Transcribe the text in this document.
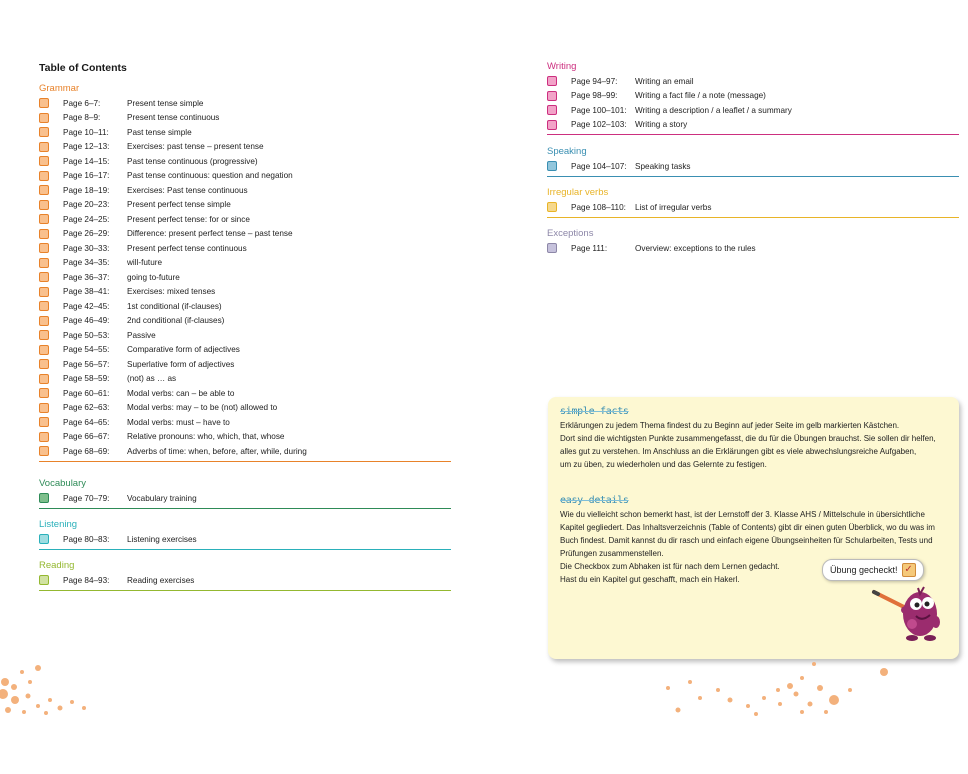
Table of Contents
Grammar
Page 6–7:	Present tense simple
Page 8–9:	Present tense continuous
Page 10–11:	Past tense simple
Page 12–13:	Exercises: past tense – present tense
Page 14–15:	Past tense continuous (progressive)
Page 16–17:	Past tense continuous: question and negation
Page 18–19:	Exercises: Past tense continuous
Page 20–23:	Present perfect tense simple
Page 24–25:	Present perfect tense: for or since
Page 26–29:	Difference: present perfect tense – past tense
Page 30–33:	Present perfect tense continuous
Page 34–35:	will-future
Page 36–37:	going to-future
Page 38–41:	Exercises: mixed tenses
Page 42–45:	1st conditional (if-clauses)
Page 46–49:	2nd conditional (if-clauses)
Page 50–53:	Passive
Page 54–55:	Comparative form of adjectives
Page 56–57:	Superlative form of adjectives
Page 58–59:	(not) as … as
Page 60–61:	Modal verbs: can – be able to
Page 62–63:	Modal verbs: may – to be (not) allowed to
Page 64–65:	Modal verbs: must – have to
Page 66–67:	Relative pronouns: who, which, that, whose
Page 68–69:	Adverbs of time: when, before, after, while, during
Vocabulary
Page 70–79:	Vocabulary training
Listening
Page 80–83:	Listening exercises
Reading
Page 84–93:	Reading exercises
Writing
Page 94–97:	Writing an email
Page 98–99:	Writing a fact file / a note (message)
Page 100–101:	Writing a description / a leaflet / a summary
Page 102–103:	Writing a story
Speaking
Page 104–107:	Speaking tasks
Irregular verbs
Page 108–110:	List of irregular verbs
Exceptions
Page 111:	Overview: exceptions to the rules
simple facts

Erklärungen zu jedem Thema findest du zu Beginn auf jeder Seite im gelb markierten Kästchen.

Dort sind die wichtigsten Punkte zusammengefasst, die du für die Übungen brauchst. Sie sollen dir helfen,

alles gut zu verstehen. Im Anschluss an die Erklärungen gibt es viele abwechslungsreiche Aufgaben,

um zu üben, zu wiederholen und das Gelernte zu festigen.

easy details

Wie du vielleicht schon bemerkt hast, ist der Lernstoff der 3. Klasse AHS / Mittelschule in übersichtliche

Kapitel gegliedert. Das Inhaltsverzeichnis (Table of Contents) gibt dir einen guten Überblick, wo du was im

Buch findest. Damit kannst du dir rasch und einfach eigene Übungseinheiten für Schularbeiten, Tests und

Prüfungen zusammenstellen.

Die Checkbox zum Abhaken ist für nach dem Lernen gedacht.

Hast du ein Kapitel gut geschafft, mach ein Hakerl.

Übung gecheckt! ✓
